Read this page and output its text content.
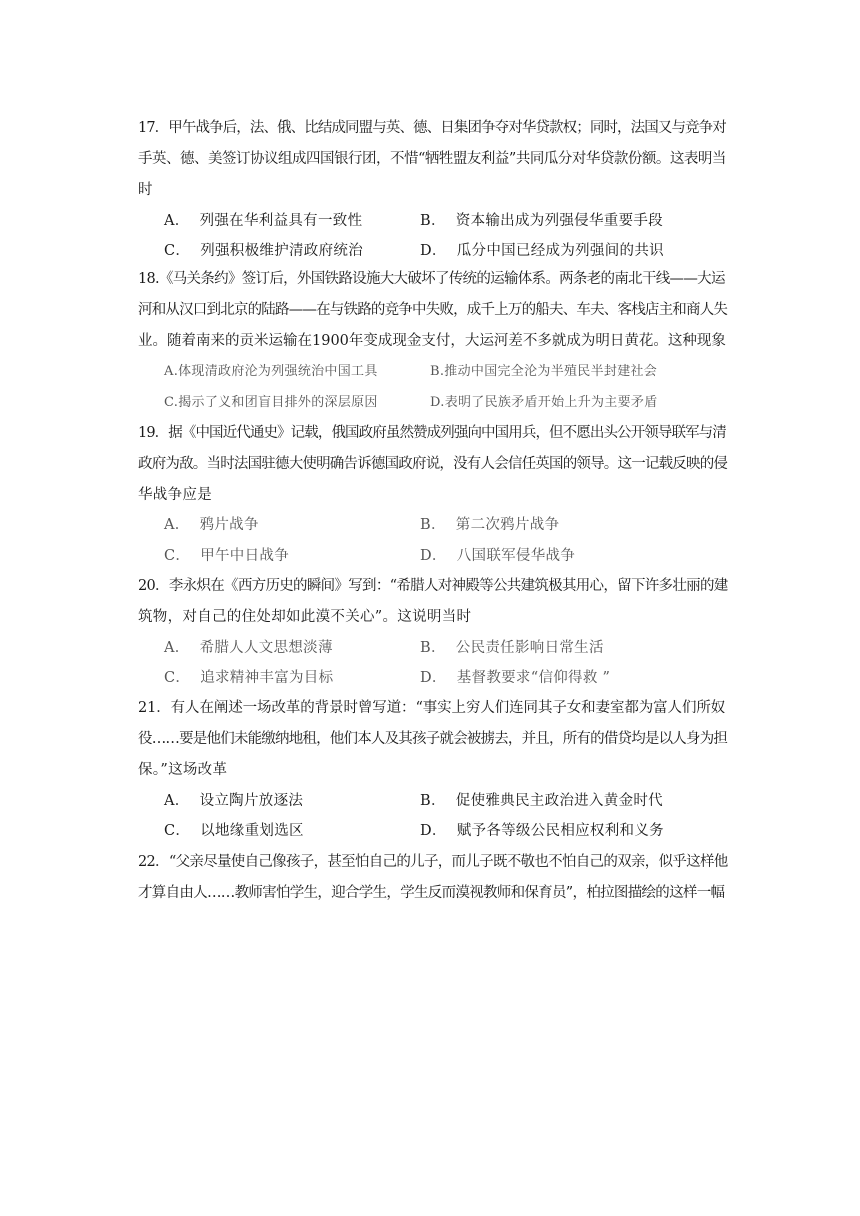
17．甲午战争后，法、俄、比结成同盟与英、德、日集团争夺对华贷款权；同时，法国又与竞争对
手英、德、美签订协议组成四国银行团，不惜“牺牲盟友利益”共同瓜分对华贷款份额。这表明当
时
A． 列强在华利益具有一致性	B． 资本输出成为列强侵华重要手段
C． 列强积极维护清政府统治	D． 瓜分中国已经成为列强间的共识
18.《马关条约》签订后，外国铁路设施大大破坏了传统的运输体系。两条老的南北干线——大运
河和从汉口到北京的陆路——在与铁路的竞争中失败，成千上万的船夫、车夫、客栈店主和商人失
业。随着南来的贡米运输在1900年变成现金支付，大运河差不多就成为明日黄花。这种现象
A.体现清政府沦为列强统治中国工具	B.推动中国完全沦为半殖民半封建社会
C.揭示了义和团盲目排外的深层原因	D.表明了民族矛盾开始上升为主要矛盾
19．据《中国近代通史》记载，俄国政府虽然赞成列强向中国用兵，但不愿出头公开领导联军与清
政府为敌。当时法国驻德大使明确告诉德国政府说，没有人会信任英国的领导。这一记载反映的侵
华战争应是
A． 鸦片战争	B． 第二次鸦片战争
C． 甲午中日战争	D． 八国联军侵华战争
20．李永炽在《西方历史的瞬间》写到：“希腊人对神殿等公共建筑极其用心，留下许多壮丽的建
筑物，对自己的住处却如此漠不关心”。这说明当时
A． 希腊人人文思想淡薄	B． 公民责任影响日常生活
C． 追求精神丰富为目标	D． 基督教要求“信仰得救 ”
21．有人在阐述一场改革的背景时曾写道：“事实上穷人们连同其子女和妻室都为富人们所奴
役……要是他们未能缴纳地租，他们本人及其孩子就会被掳去，并且，所有的借贷均是以人身为担
保。”这场改革
A． 设立陶片放逐法	B． 促使雅典民主政治进入黄金时代
C． 以地缘重划选区	D． 赋予各等级公民相应权利和义务
22．“父亲尽量使自己像孩子，甚至怕自己的儿子，而儿子既不敬也不怕自己的双亲，似乎这样他
才算自由人……教师害怕学生，迎合学生，学生反而漠视教师和保育员”，柏拉图描绘的这样一幅
